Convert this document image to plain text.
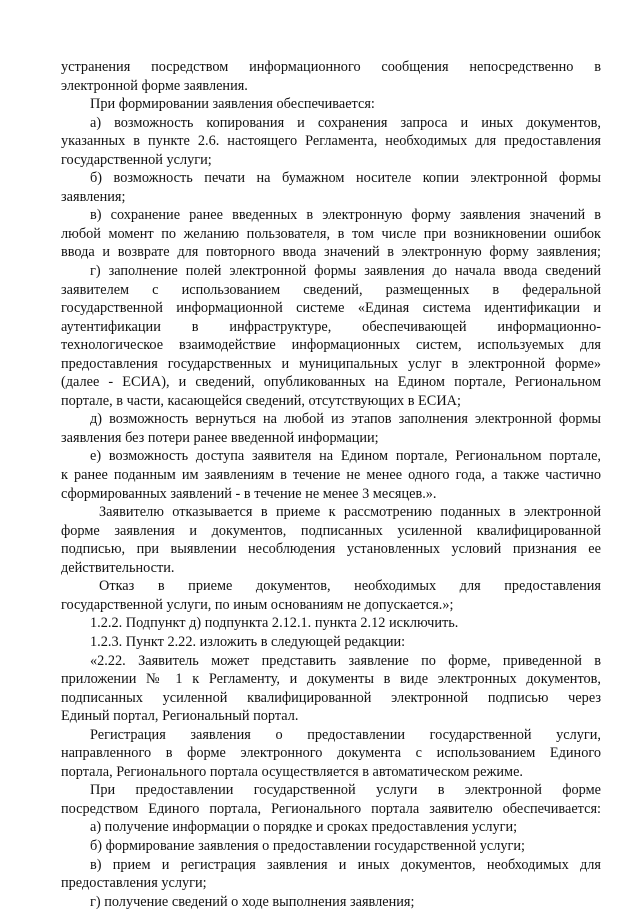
устранения посредством информационного сообщения непосредственно в
электронной форме заявления.
При формировании заявления обеспечивается:
а) возможность копирования и сохранения запроса и иных документов,
указанных в пункте 2.6. настоящего Регламента, необходимых для предоставления
государственной услуги;
б) возможность печати на бумажном носителе копии электронной формы
заявления;
в) сохранение ранее введенных в электронную форму заявления значений в
любой момент по желанию пользователя, в том числе при возникновении ошибок
ввода и возврате для повторного ввода значений в электронную форму заявления;
г) заполнение полей электронной формы заявления до начала ввода сведений
заявителем с использованием сведений, размещенных в федеральной
государственной информационной системе «Единая система идентификации и
аутентификации в инфраструктуре, обеспечивающей информационно-
технологическое взаимодействие информационных систем, используемых для
предоставления государственных и муниципальных услуг в электронной форме»
(далее - ЕСИА), и сведений, опубликованных на Едином портале, Региональном
портале, в части, касающейся сведений, отсутствующих в ЕСИА;
д) возможность вернуться на любой из этапов заполнения электронной формы
заявления без потери ранее введенной информации;
е) возможность доступа заявителя на Едином портале, Региональном портале,
к ранее поданным им заявлениям в течение не менее одного года, а также частично
сформированных заявлений - в течение не менее 3 месяцев.».
Заявителю отказывается в приеме к рассмотрению поданных в электронной
форме заявления и документов, подписанных усиленной квалифицированной
подписью, при выявлении несоблюдения установленных условий признания ее
действительности.
Отказ в приеме документов, необходимых для предоставления
государственной услуги, по иным основаниям не допускается.»;
1.2.2. Подпункт д) подпункта 2.12.1. пункта 2.12 исключить.
1.2.3. Пункт 2.22. изложить в следующей редакции:
«2.22. Заявитель может представить заявление по форме, приведенной в
приложении № 1 к Регламенту, и документы в виде электронных документов,
подписанных усиленной квалифицированной электронной подписью через
Единый портал, Региональный портал.
Регистрация заявления о предоставлении государственной услуги,
направленного в форме электронного документа с использованием Единого
портала, Регионального портала осуществляется в автоматическом режиме.
При предоставлении государственной услуги в электронной форме
посредством Единого портала, Регионального портала заявителю обеспечивается:
а) получение информации о порядке и сроках предоставления услуги;
б) формирование заявления о предоставлении государственной услуги;
в) прием и регистрация заявления и иных документов, необходимых для
предоставления услуги;
г) получение сведений о ходе выполнения заявления;
